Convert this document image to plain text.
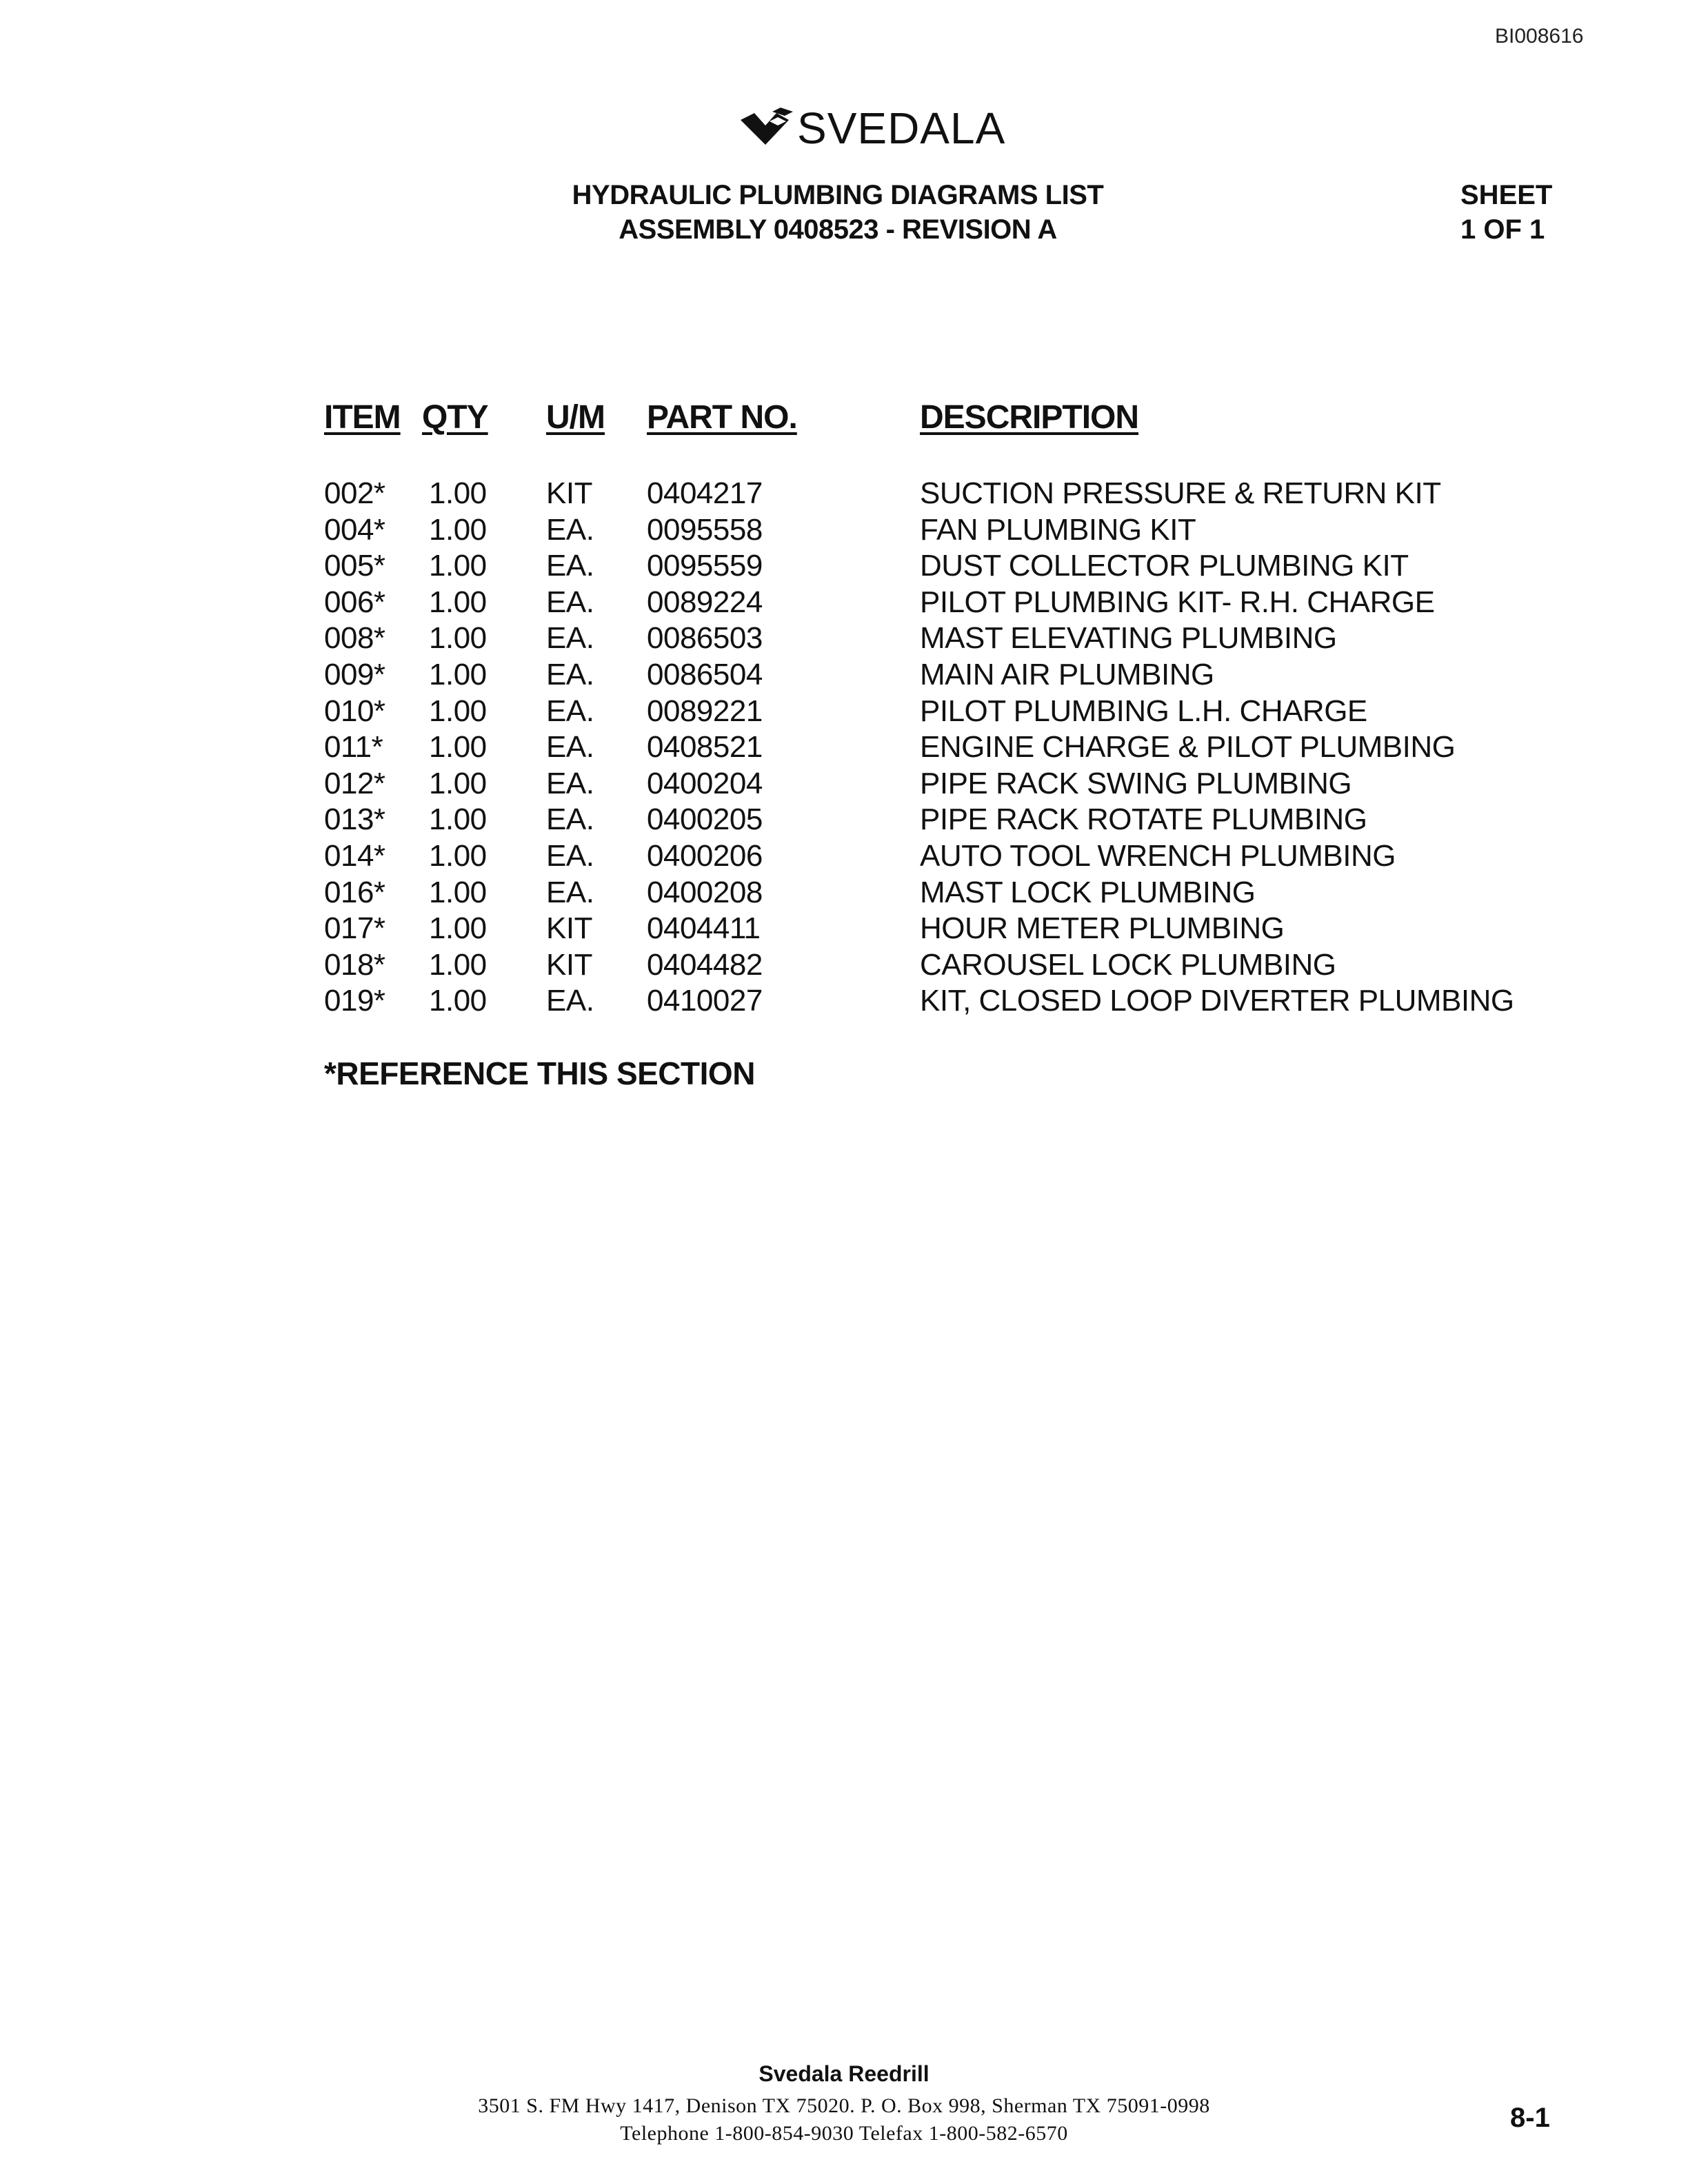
BI008616
SVEDALA
HYDRAULIC PLUMBING DIAGRAMS LIST
ASSEMBLY 0408523 - REVISION A
SHEET
1 OF 1
ITEM QTY U/M PART NO.	DESCRIPTION
002* 1.00 KIT 0404217	SUCTION PRESSURE & RETURN KIT
004* 1.00 EA. 0095558	FAN PLUMBING KIT
005* 1.00 EA. 0095559	DUST COLLECTOR PLUMBING KIT
006* 1.00 EA. 0089224	PILOT PLUMBING KIT- R.H. CHARGE
008* 1.00 EA. 0086503	MAST ELEVATING PLUMBING
009* 1.00 EA. 0086504	MAIN AIR PLUMBING
010* 1.00 EA. 0089221	PILOT PLUMBING L.H. CHARGE
011* 1.00 EA. 0408521	ENGINE CHARGE & PILOT PLUMBING
012* 1.00 EA. 0400204	PIPE RACK SWING PLUMBING
013* 1.00 EA. 0400205	PIPE RACK ROTATE PLUMBING
014* 1.00 EA. 0400206	AUTO TOOL WRENCH PLUMBING
016* 1.00 EA. 0400208	MAST LOCK PLUMBING
017* 1.00 KIT 0404411	HOUR METER PLUMBING
018* 1.00 KIT 0404482	CAROUSEL LOCK PLUMBING
019* 1.00 EA. 0410027	KIT, CLOSED LOOP DIVERTER PLUMBING
*REFERENCE THIS SECTION
Svedala Reedrill
3501 S. FM Hwy 1417, Denison TX 75020. P. O. Box 998, Sherman TX 75091-0998
Telephone 1-800-854-9030 Telefax 1-800-582-6570
8-1
